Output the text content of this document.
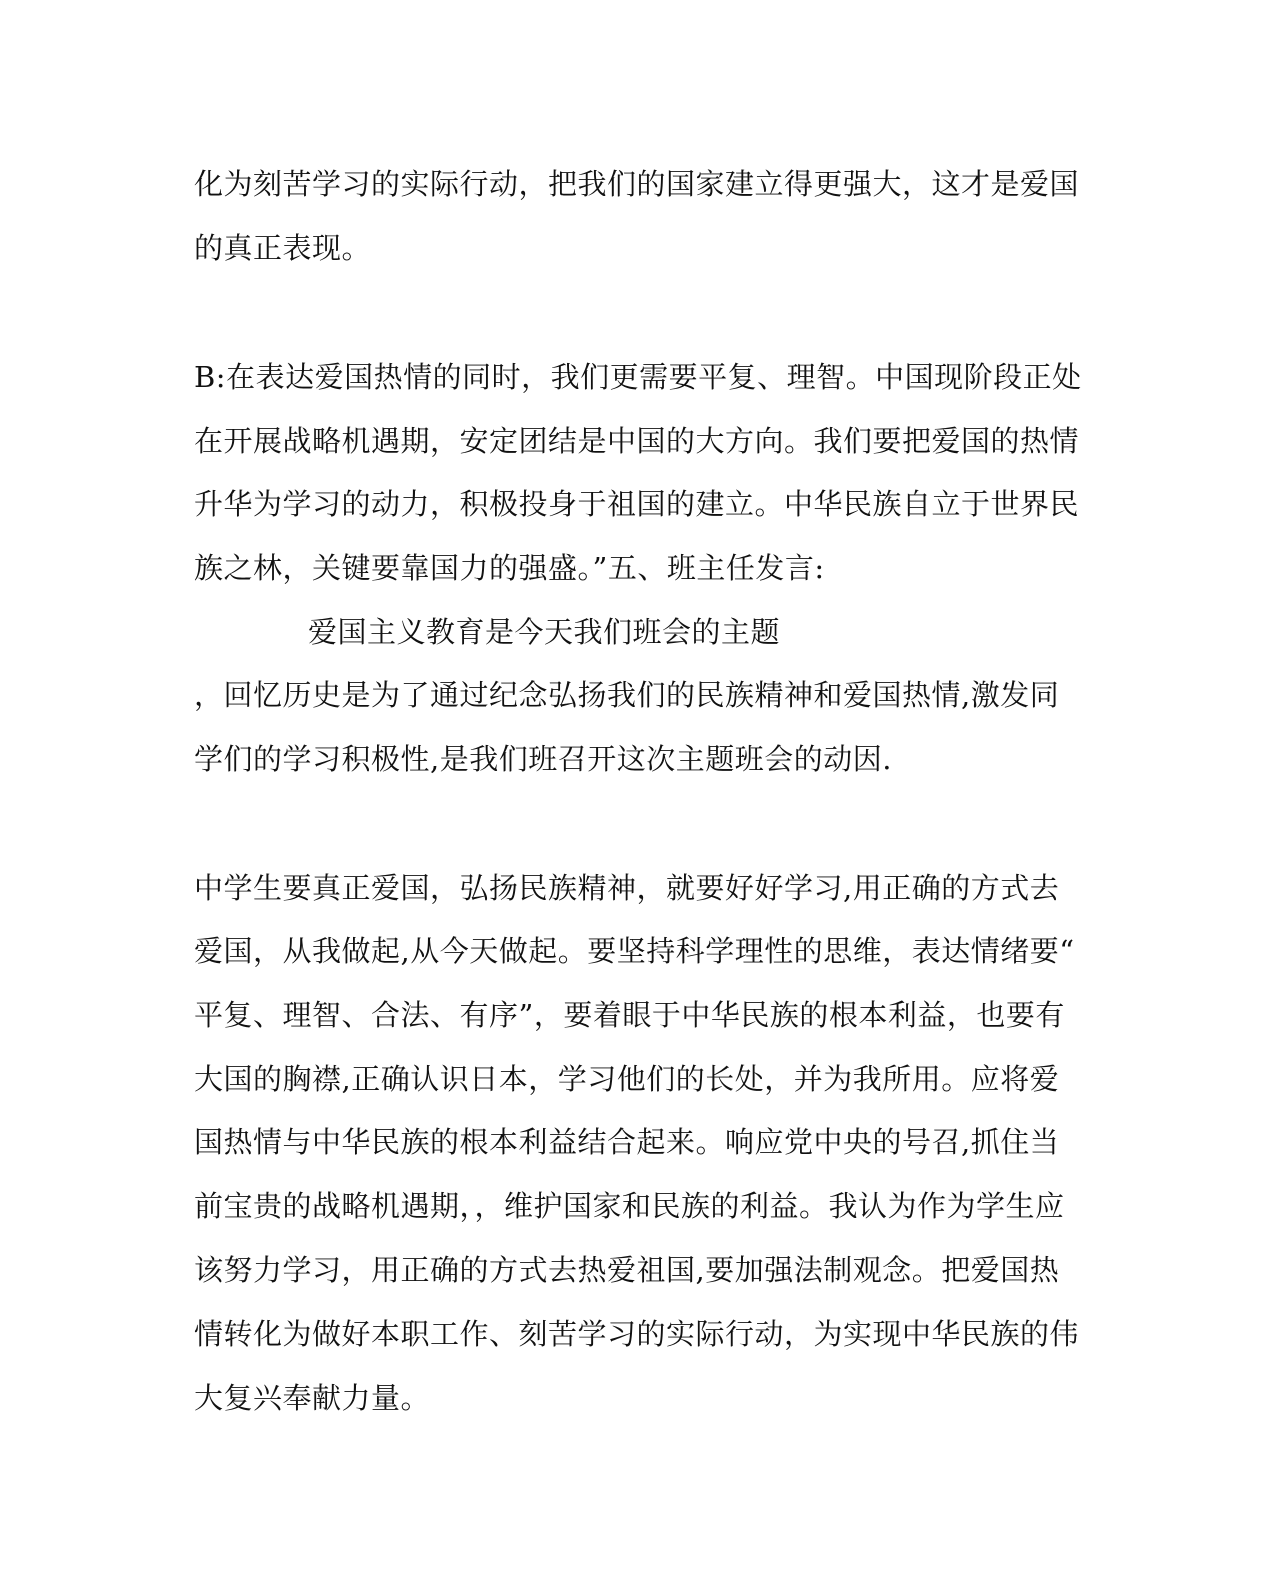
化为刻苦学习的实际行动，把我们的国家建立得更强大，这才是爱国
的真正表现。
B:在表达爱国热情的同时，我们更需要平复、理智。中国现阶段正处
在开展战略机遇期，安定团结是中国的大方向。我们要把爱国的热情
升华为学习的动力，积极投身于祖国的建立。中华民族自立于世界民
族之林，关键要靠国力的强盛。”五、班主任发言:
爱国主义教育是今天我们班会的主题
，回忆历史是为了通过纪念弘扬我们的民族精神和爱国热情,激发同
学们的学习积极性,是我们班召开这次主题班会的动因.
中学生要真正爱国，弘扬民族精神，就要好好学习,用正确的方式去
爱国，从我做起,从今天做起。要坚持科学理性的思维，表达情绪要“
平复、理智、合法、有序”，要着眼于中华民族的根本利益，也要有
大国的胸襟,正确认识日本，学习他们的长处，并为我所用。应将爱
国热情与中华民族的根本利益结合起来。响应党中央的号召,抓住当
前宝贵的战略机遇期，，维护国家和民族的利益。我认为作为学生应
该努力学习，用正确的方式去热爱祖国,要加强法制观念。把爱国热
情转化为做好本职工作、刻苦学习的实际行动，为实现中华民族的伟
大复兴奉献力量。
